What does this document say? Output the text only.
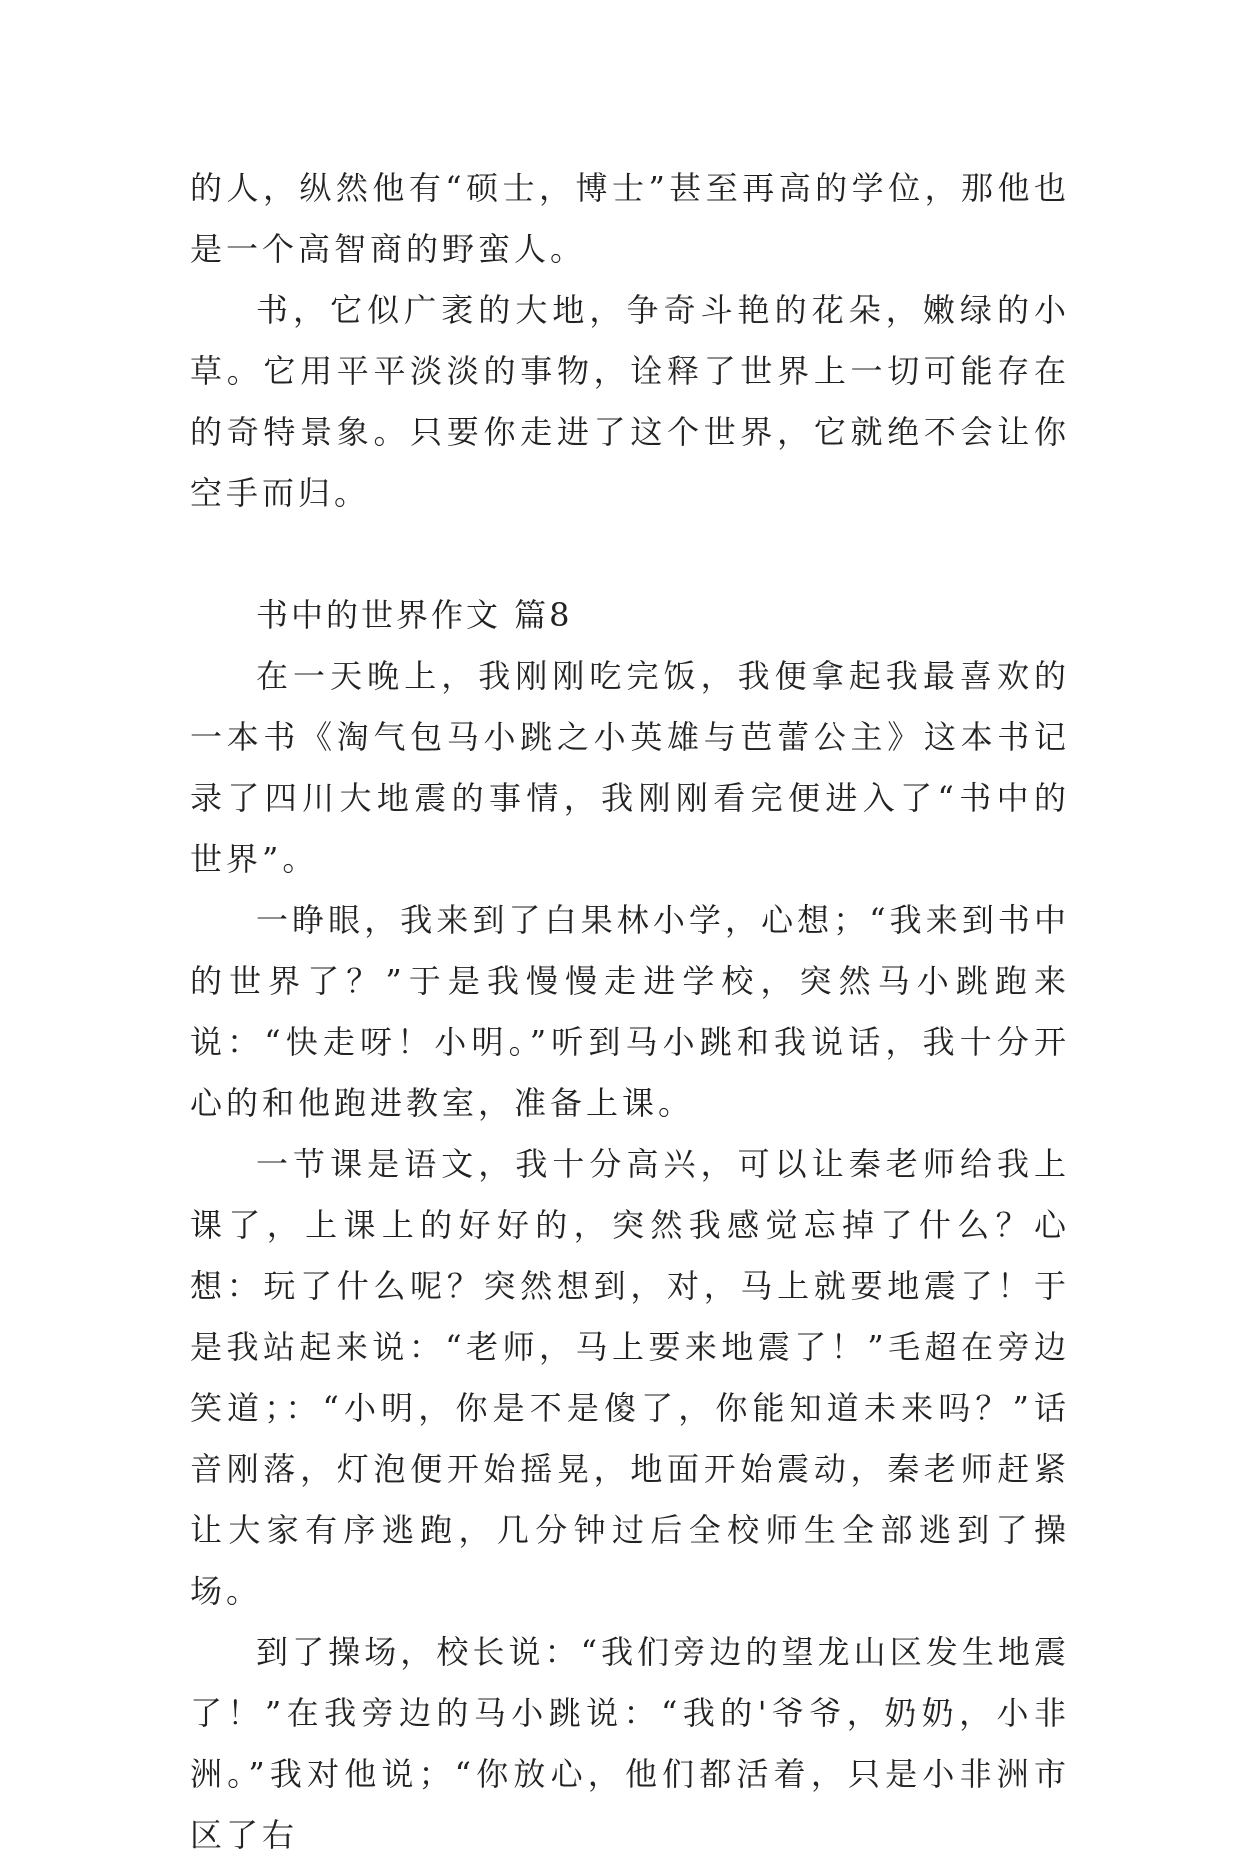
的人，纵然他有“硕士，博士”甚至再高的学位，那他也是一个高智商的野蛮人。

书，它似广袤的大地，争奇斗艳的花朵，嫩绿的小草。它用平平淡淡的事物，诠释了世界上一切可能存在的奇特景象。只要你走进了这个世界，它就绝不会让你空手而归。

书中的世界作文 篇8

在一天晚上，我刚刚吃完饭，我便拿起我最喜欢的一本书《淘气包马小跳之小英雄与芭蕾公主》这本书记录了四川大地震的事情，我刚刚看完便进入了“书中的世界”。

一睁眼，我来到了白果林小学，心想；“我来到书中的世界了？”于是我慢慢走进学校，突然马小跳跑来说：“快走呀！小明。”听到马小跳和我说话，我十分开心的和他跑进教室，准备上课。

一节课是语文，我十分高兴，可以让秦老师给我上课了，上课上的好好的，突然我感觉忘掉了什么？心想：玩了什么呢？突然想到，对，马上就要地震了！于是我站起来说：“老师，马上要来地震了！”毛超在旁边笑道；：“小明，你是不是傻了，你能知道未来吗？”话音刚落，灯泡便开始摇晃，地面开始震动，秦老师赶紧让大家有序逃跑，几分钟过后全校师生全部逃到了操场。

到了操场，校长说：“我们旁边的望龙山区发生地震了！”在我旁边的马小跳说：“我的'爷爷，奶奶，小非洲。”我对他说；“你放心，他们都活着，只是小非洲市区了右
